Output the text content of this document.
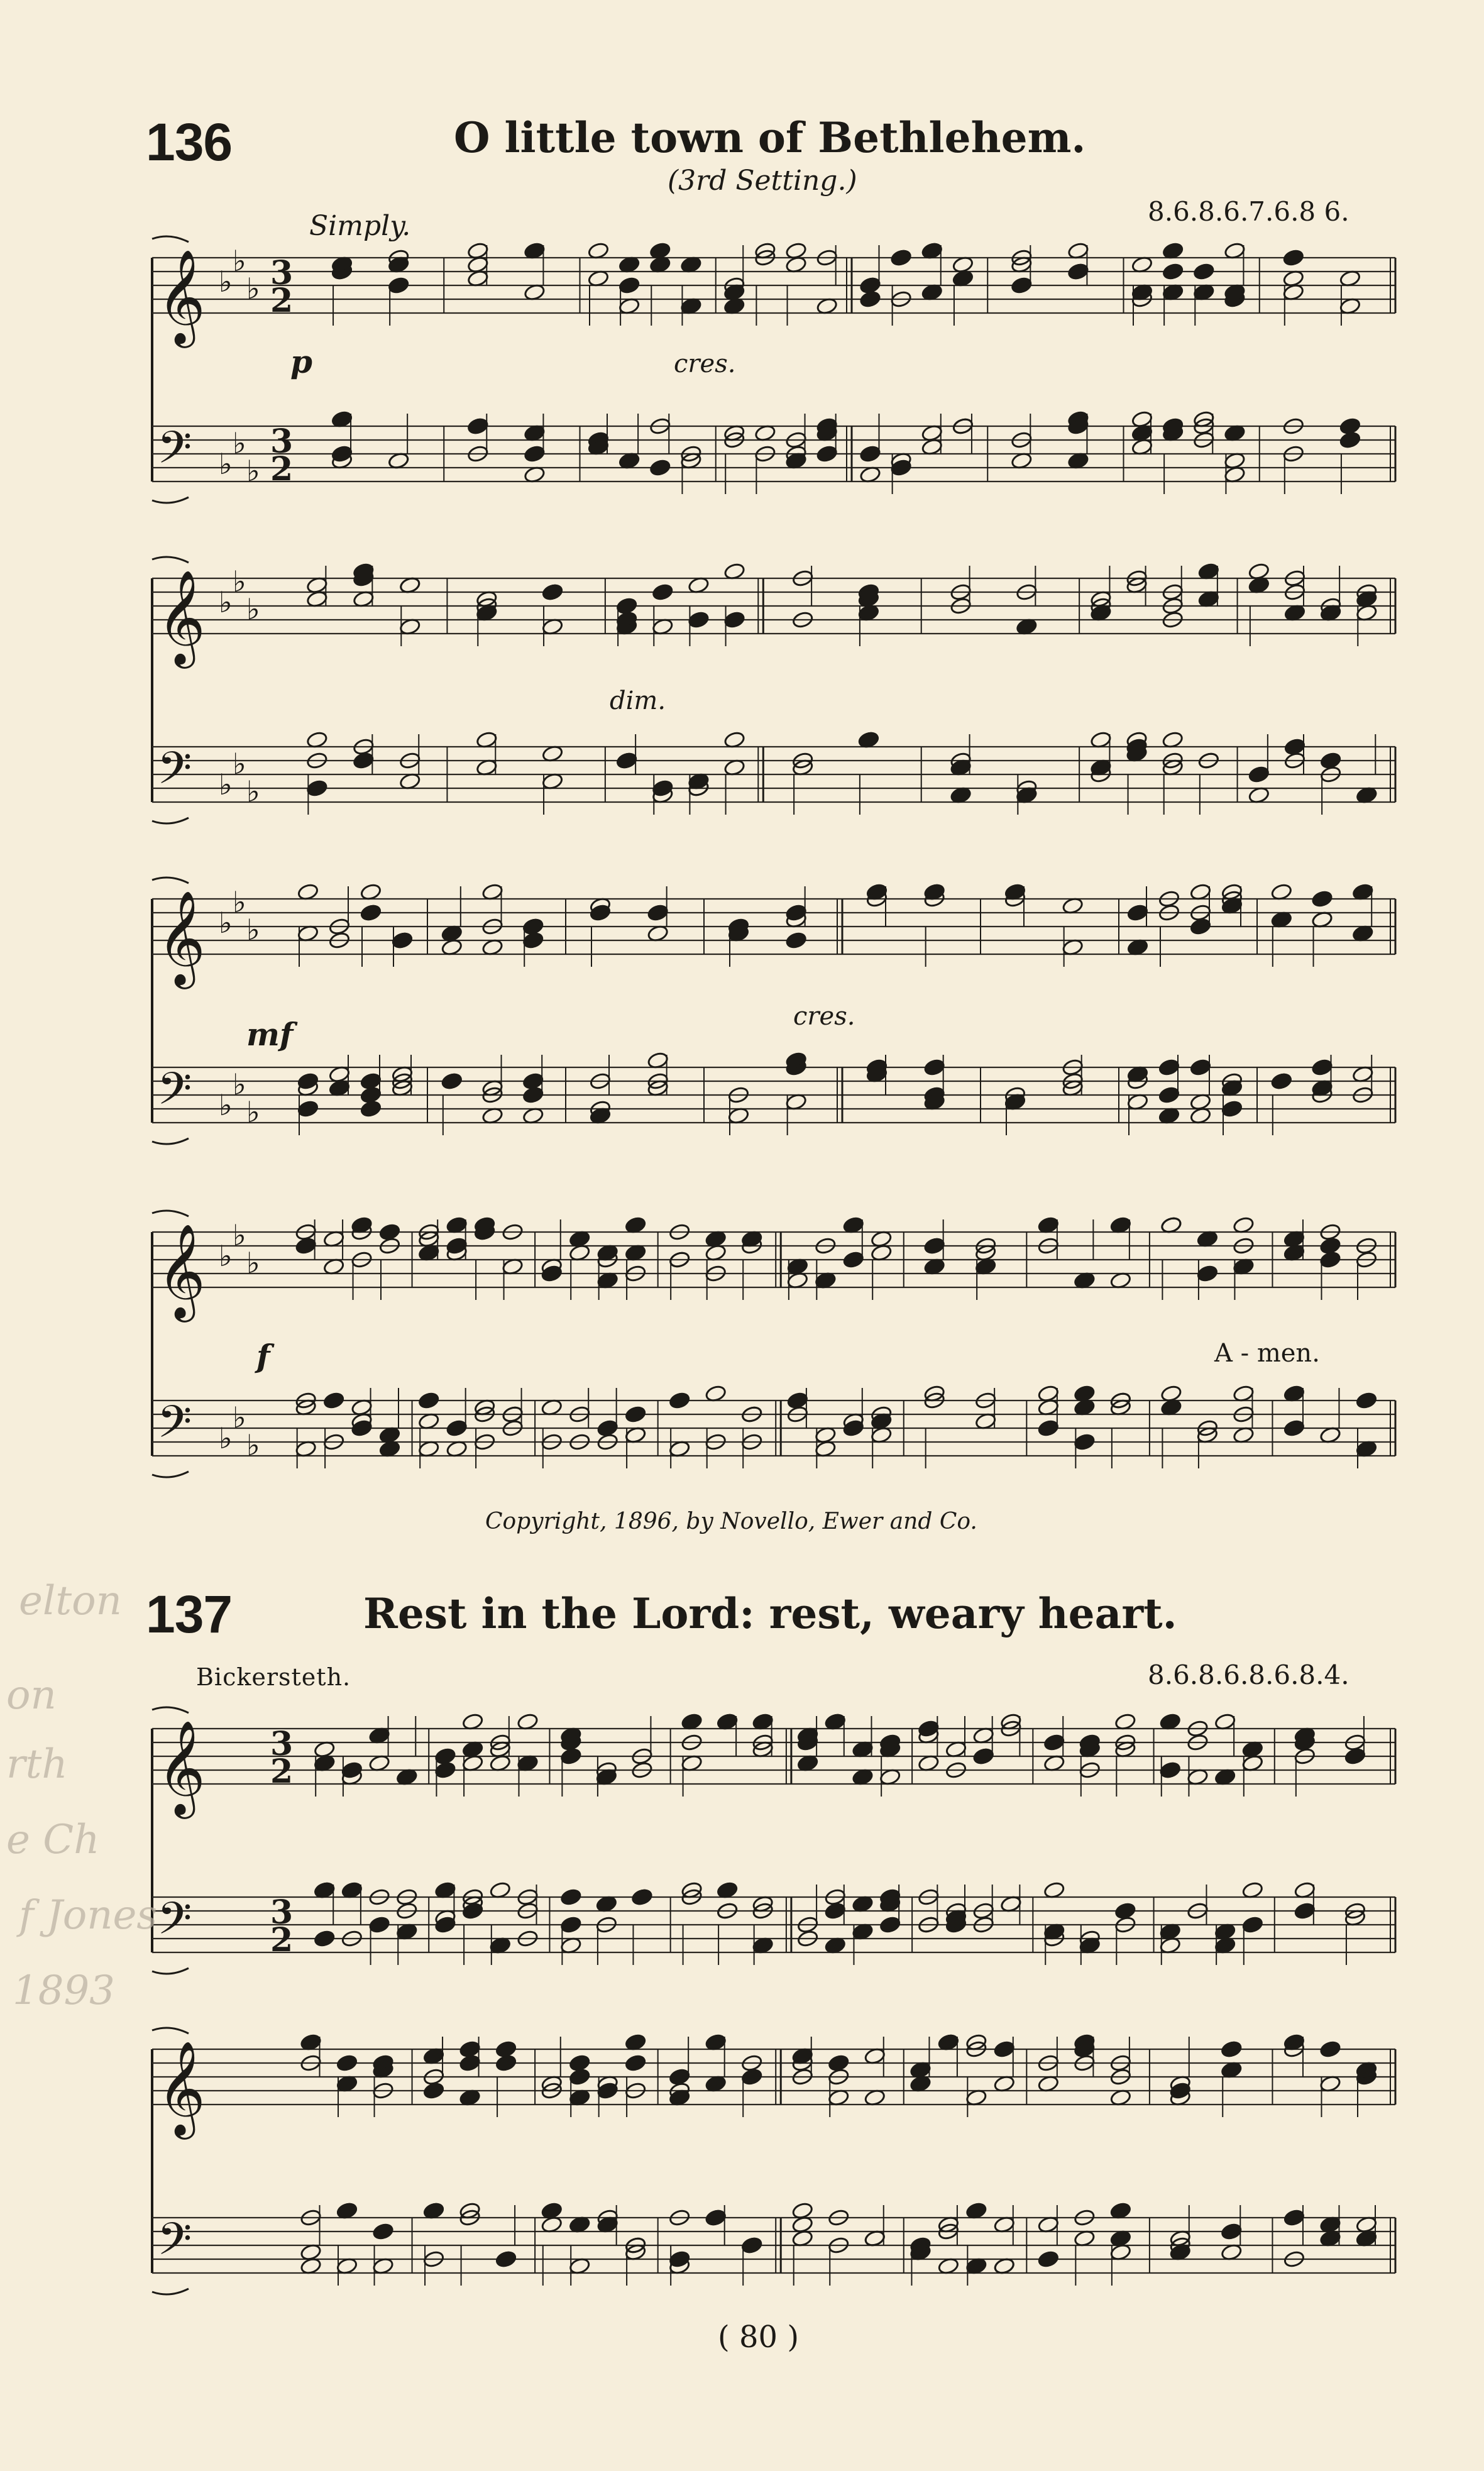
136	O little town of Bethlehem.
(3rd Setting.)
8.6.8.6.7.6.8 6.
Simply.
𝄞 ♭
♭
♭ 3
2
𝄢 ♭
♭
♭
3
2
𝄞 ♭
♭
♭
𝄢 ♭
♭
♭
𝄞 ♭
♭
♭
𝄢 ♭
♭
♭
𝄞 ♭
♭
♭
𝄢 ♭
♭
♭
p	cres.
dim.
mf	cres.
f	A - men.
Copyright, 1896, by Novello, Ewer and Co.
137	Rest in the Lord: rest, weary heart.
Bickersteth.	8.6.8.6.8.6.8.4.
𝄞 3
2
𝄢 3
2
𝄞
𝄢
( 80 )
elton
on
rth
e Ch
f Jones
1893
